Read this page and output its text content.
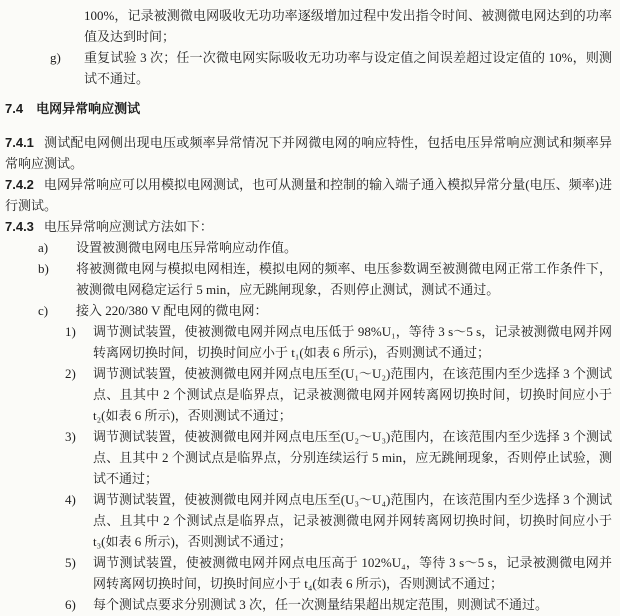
100%，记录被测微电网吸收无功功率逐级增加过程中发出指令时间、被测微电网达到的功率值及达到时间；

g) 重复试验 3 次；任一次微电网实际吸收无功功率与设定值之间误差超过设定值的 10%，则测试不通过。
7.4 电网异常响应测试

7.4.1 测试配电网侧出现电压或频率异常情况下并网微电网的响应特性，包括电压异常响应测试和频率异常响应测试。

7.4.2 电网异常响应可以用模拟电网测试，也可从测量和控制的输入端子通入模拟异常分量(电压、频率)进行测试。

7.4.3 电压异常响应测试方法如下：

a) 设置被测微电网电压异常响应动作值。
b) 将被测微电网与模拟电网相连，模拟电网的频率、电压参数调至被测微电网正常工作条件下，被测微电网稳定运行 5 min，应无跳闸现象，否则停止测试，测试不通过。
c) 接入 220/380 V 配电网的微电网：
1) 调节测试装置，使被测微电网并网点电压低于 98%U₁，等待 3 s～5 s，记录被测微电网并网转离网切换时间，切换时间应小于 t₁(如表 6 所示)，否则测试不通过；
2) 调节测试装置，使被测微电网并网点电压至(U₁～U₂)范围内，在该范围内至少选择 3 个测试点、且其中 2 个测试点是临界点，记录被测微电网并网转离网切换时间，切换时间应小于 t₂(如表 6 所示)，否则测试不通过；
3) 调节测试装置，使被测微电网并网点电压至(U₂～U₃)范围内，在该范围内至少选择 3 个测试点、且其中 2 个测试点是临界点，分别连续运行 5 min，应无跳闸现象，否则停止试验，测试不通过；
4) 调节测试装置，使被测微电网并网点电压至(U₃～U₄)范围内，在该范围内至少选择 3 个测试点、且其中 2 个测试点是临界点，记录被测微电网并网转离网切换时间，切换时间应小于 t₃(如表 6 所示)，否则测试不通过；
5) 调节测试装置，使被测微电网并网点电压高于 102%U₄，等待 3 s～5 s，记录被测微电网并网转离网切换时间，切换时间应小于 t₄(如表 6 所示)，否则测试不通过；
6) 每个测试点要求分别测试 3 次，任一次测量结果超出规定范围，则测试不通过。
